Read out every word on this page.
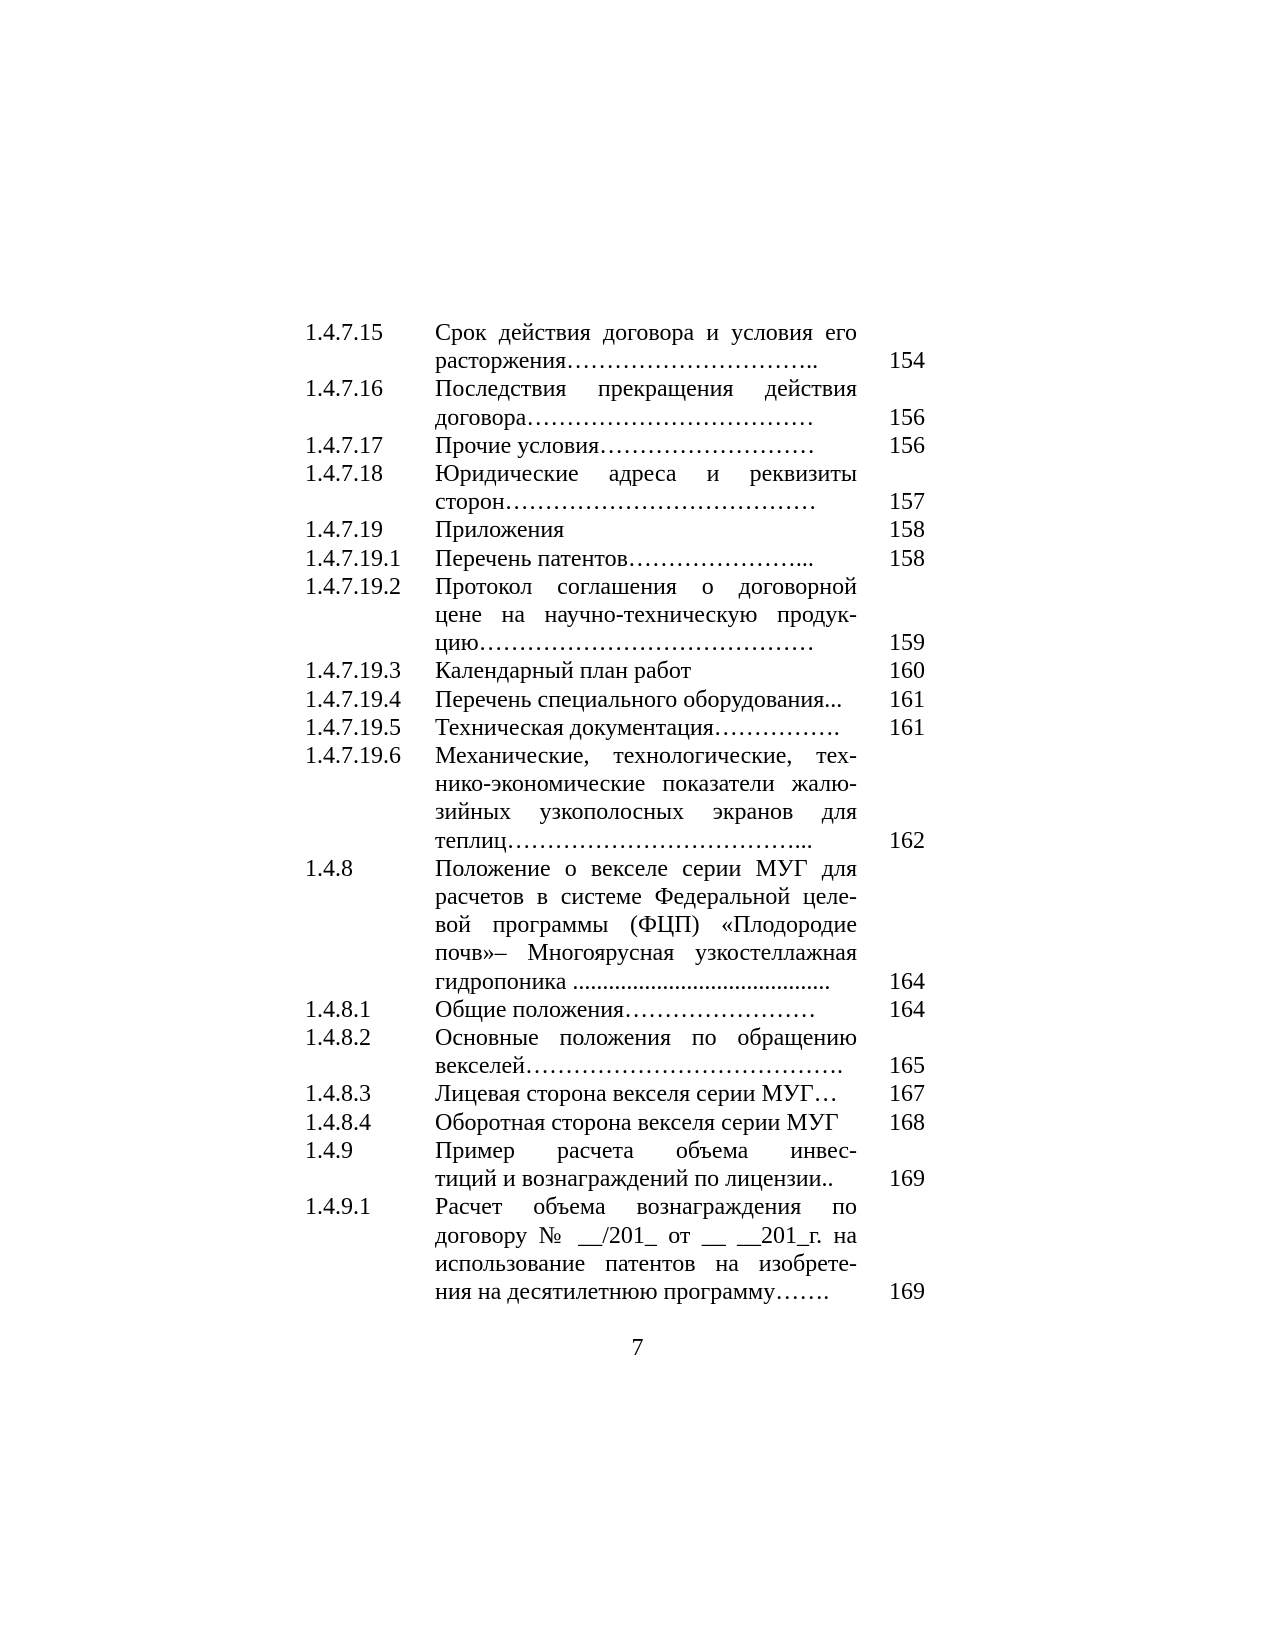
1.4.7.15	Срок действия договора и условия его
расторжения…………………………..	154
1.4.7.16	Последствия прекращения действия
договора………………………………	156
1.4.7.17	Прочие условия………………………	156
1.4.7.18	Юридические адреса и реквизиты
сторон…………………………………	157
1.4.7.19	Приложения	158
1.4.7.19.1	Перечень патентов…………………...	158
1.4.7.19.2	Протокол соглашения о договорной
цене на научно-техническую продук-
цию……………………………………	159
1.4.7.19.3	Календарный план работ	160
1.4.7.19.4	Перечень специального оборудования...	161
1.4.7.19.5	Техническая документация…………….	161
1.4.7.19.6	Механические, технологические, тех-
нико-экономические показатели жалю-
зийных узкополосных экранов для
теплиц………………………………...	162
1.4.8	Положение о векселе серии МУГ для
расчетов в системе Федеральной целе-
вой программы (ФЦП) «Плодородие
почв»– Многоярусная узкостеллажная
гидропоника ...........................................	164
1.4.8.1	Общие положения……………………	164
1.4.8.2	Основные положения по обращению
векселей………………………………….	165
1.4.8.3	Лицевая сторона векселя серии МУГ…	167
1.4.8.4	Оборотная сторона векселя серии МУГ	168
1.4.9	Пример расчета объема инвес-
тиций и вознаграждений по лицензии..	169
1.4.9.1	Расчет объема вознаграждения по
договору № __/201_ от __ __201_г. на
использование патентов на изобрете-
ния на десятилетнюю программу…….	169
7
